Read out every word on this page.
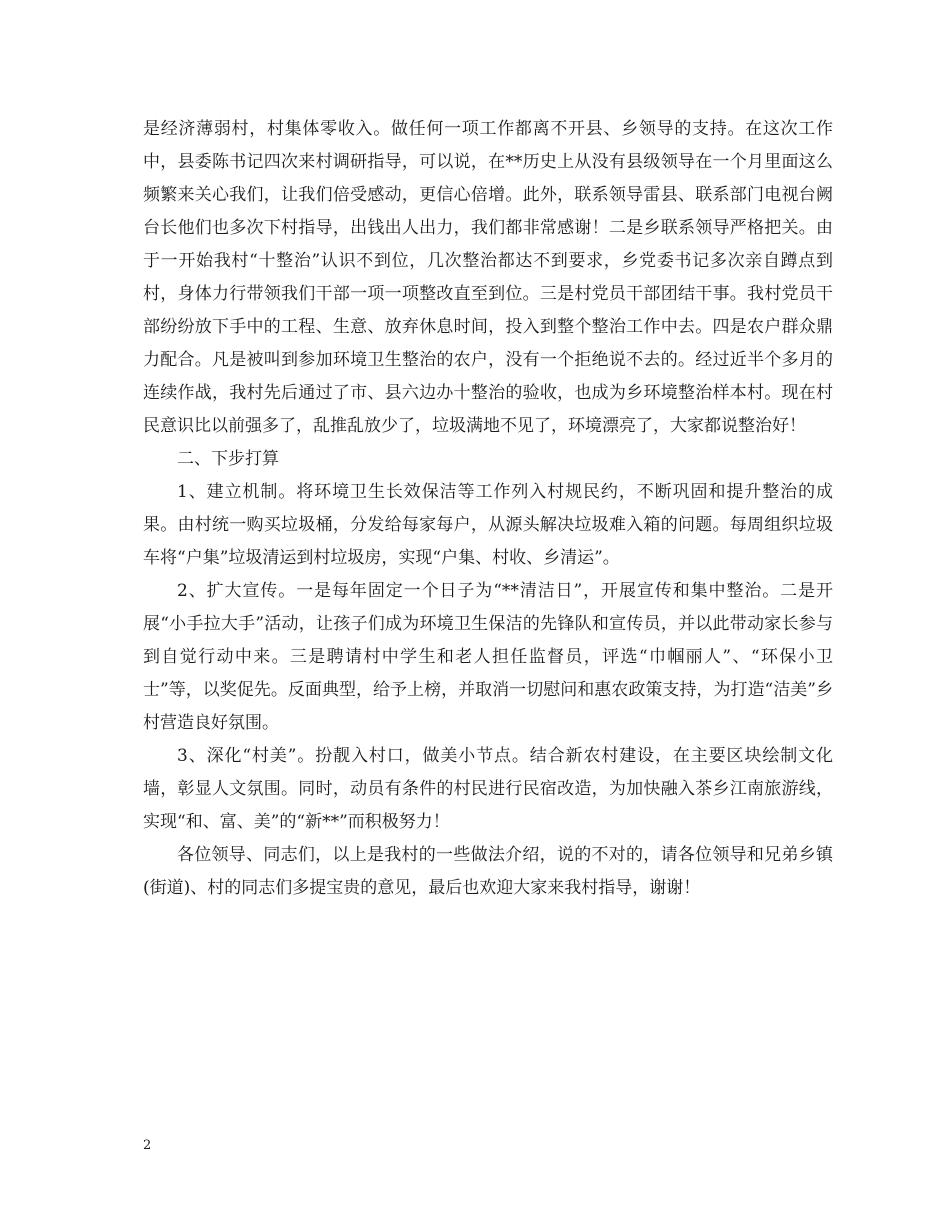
是经济薄弱村，村集体零收入。做任何一项工作都离不开县、乡领导的支持。在这次工作中，县委陈书记四次来村调研指导，可以说，在**历史上从没有县级领导在一个月里面这么频繁来关心我们，让我们倍受感动，更信心倍增。此外，联系领导雷县、联系部门电视台阙台长他们也多次下村指导，出钱出人出力，我们都非常感谢！二是乡联系领导严格把关。由于一开始我村“十整治”认识不到位，几次整治都达不到要求，乡党委书记多次亲自蹲点到村，身体力行带领我们干部一项一项整改直至到位。三是村党员干部团结干事。我村党员干部纷纷放下手中的工程、生意、放弃休息时间，投入到整个整治工作中去。四是农户群众鼎力配合。凡是被叫到参加环境卫生整治的农户，没有一个拒绝说不去的。经过近半个多月的连续作战，我村先后通过了市、县六边办十整治的验收，也成为乡环境整治样本村。现在村民意识比以前强多了，乱推乱放少了，垃圾满地不见了，环境漂亮了，大家都说整治好！

二、下步打算

1、建立机制。将环境卫生长效保洁等工作列入村规民约，不断巩固和提升整治的成果。由村统一购买垃圾桶，分发给每家每户，从源头解决垃圾难入箱的问题。每周组织垃圾车将“户集”垃圾清运到村垃圾房，实现“户集、村收、乡清运”。

2、扩大宣传。一是每年固定一个日子为“**清洁日”，开展宣传和集中整治。二是开展“小手拉大手”活动，让孩子们成为环境卫生保洁的先锋队和宣传员，并以此带动家长参与到自觉行动中来。三是聘请村中学生和老人担任监督员，评选“巾帼丽人”、“环保小卫士”等，以奖促先。反面典型，给予上榜，并取消一切慰问和惠农政策支持，为打造“洁美”乡村营造良好氛围。

3、深化“村美”。扮靓入村口，做美小节点。结合新农村建设，在主要区块绘制文化墙，彰显人文氛围。同时，动员有条件的村民进行民宿改造，为加快融入茶乡江南旅游线，实现“和、富、美”的“新**”而积极努力！

各位领导、同志们，以上是我村的一些做法介绍，说的不对的，请各位领导和兄弟乡镇(街道)、村的同志们多提宝贵的意见，最后也欢迎大家来我村指导，谢谢！

2
